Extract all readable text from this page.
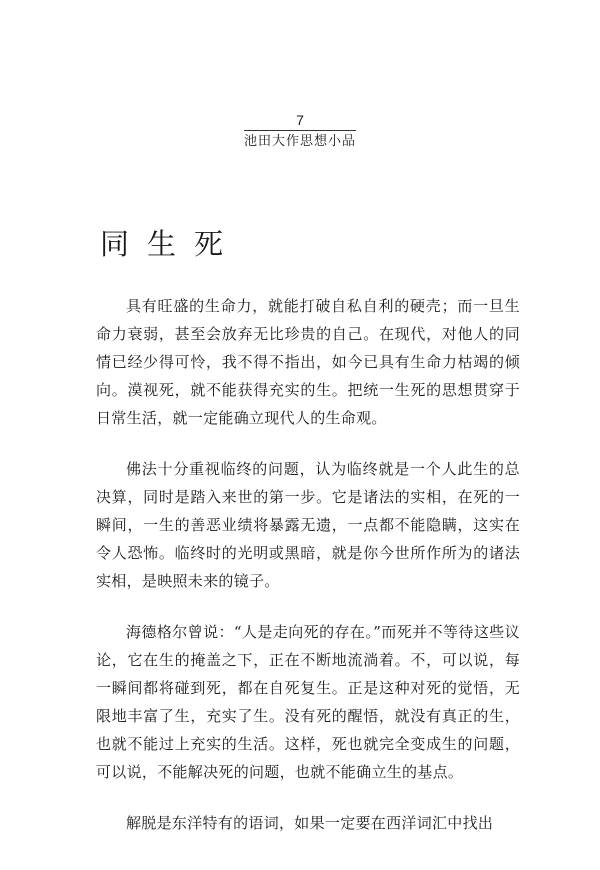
7
池田大作思想小品
同生死

具有旺盛的生命力，就能打破自私自利的硬壳；而一旦生命力衰弱，甚至会放弃无比珍贵的自己。在现代，对他人的同情已经少得可怜，我不得不指出，如今已具有生命力枯竭的倾向。漠视死，就不能获得充实的生。把统一生死的思想贯穿于日常生活，就一定能确立现代人的生命观。

佛法十分重视临终的问题，认为临终就是一个人此生的总决算，同时是踏入来世的第一步。它是诸法的实相，在死的一瞬间，一生的善恶业绩将暴露无遗，一点都不能隐瞒，这实在令人恐怖。临终时的光明或黑暗，就是你今世所作所为的诸法实相，是映照未来的镜子。

海德格尔曾说：“人是走向死的存在。”而死并不等待这些议论，它在生的掩盖之下，正在不断地流淌着。不，可以说，每一瞬间都将碰到死，都在自死复生。正是这种对死的觉悟，无限地丰富了生，充实了生。没有死的醒悟，就没有真正的生，也就不能过上充实的生活。这样，死也就完全变成生的问题，可以说，不能解决死的问题，也就不能确立生的基点。

解脱是东洋特有的语词，如果一定要在西洋词汇中找出
